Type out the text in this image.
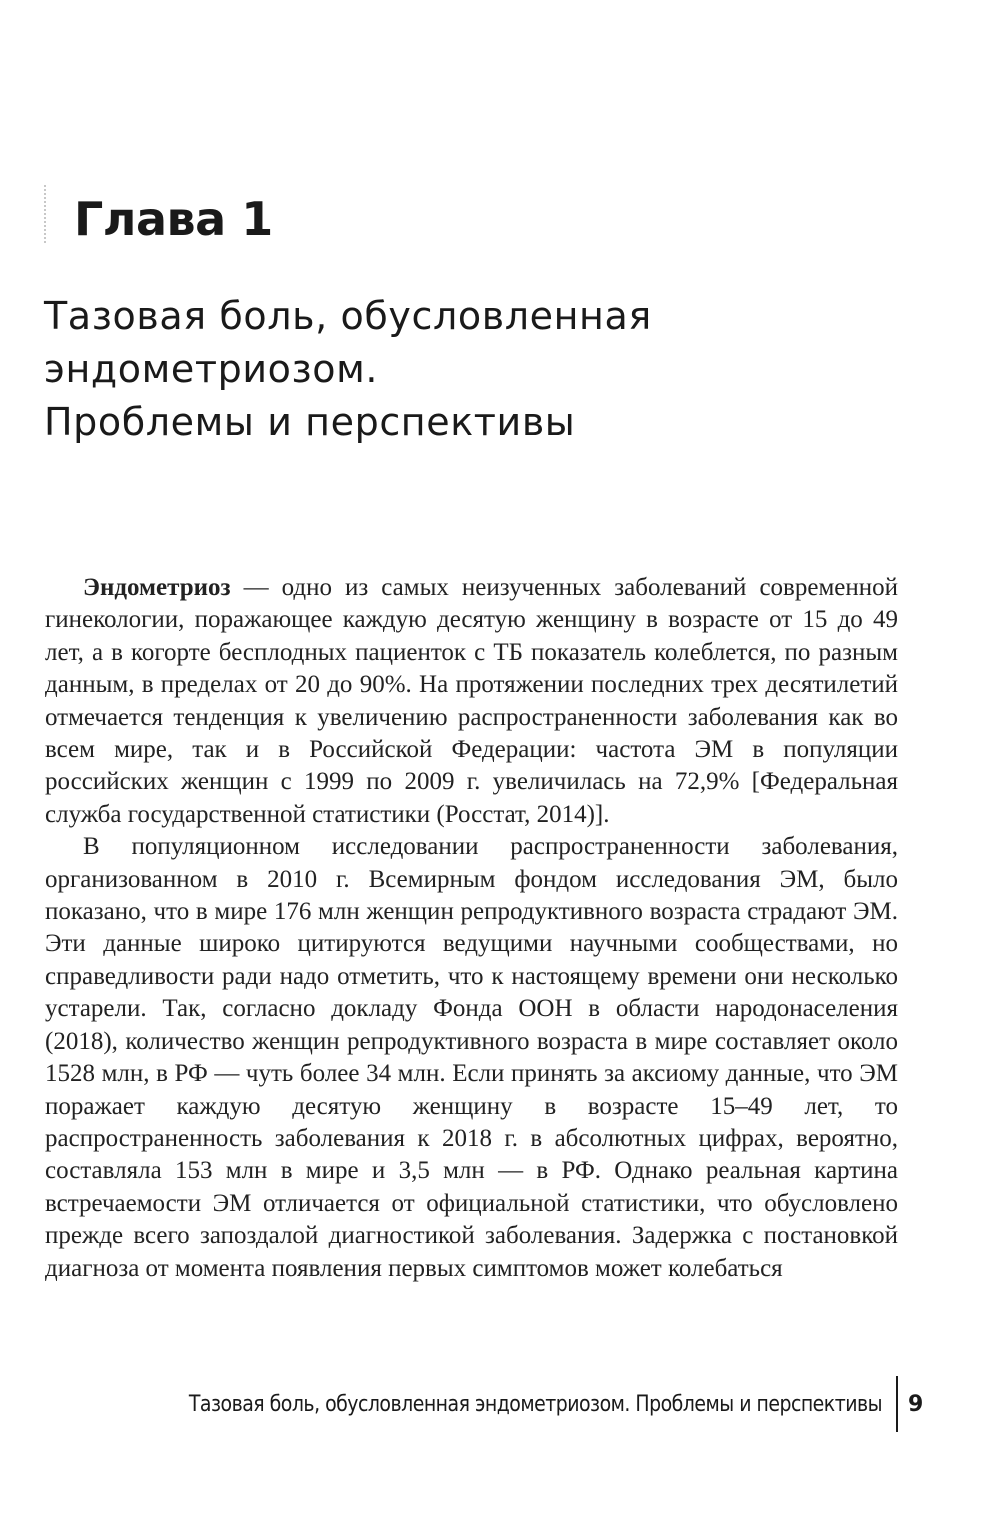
Глава 1
Тазовая боль, обусловленная
эндометриозом.
Проблемы и перспективы

Эндометриоз — одно из самых неизученных заболеваний современной гинекологии, поражающее каждую десятую женщину в возрасте от 15 до 49 лет, а в когорте бесплодных пациенток с ТБ показатель колеблется, по разным данным, в пределах от 20 до 90%. На протяжении последних трех десятилетий отмечается тенденция к увеличению распространенности заболевания как во всем мире, так и в Российской Федерации: частота ЭМ в популяции российских женщин с 1999 по 2009 г. увеличилась на 72,9% [Федеральная служба государственной статистики (Росстат, 2014)].

В популяционном исследовании распространенности заболевания, организованном в 2010 г. Всемирным фондом исследования ЭМ, было показано, что в мире 176 млн женщин репродуктивного возраста страдают ЭМ. Эти данные широко цитируются ведущими научными сообществами, но справедливости ради надо отметить, что к настоящему времени они несколько устарели. Так, согласно докладу Фонда ООН в области народонаселения (2018), количество женщин репродуктивного возраста в мире составляет около 1528 млн, в РФ — чуть более 34 млн. Если принять за аксиому данные, что ЭМ поражает каждую десятую женщину в возрасте 15–49 лет, то распространенность заболевания к 2018 г. в абсолютных цифрах, вероятно, составляла 153 млн в мире и 3,5 млн — в РФ. Однако реальная картина встречаемости ЭМ отличается от официальной статистики, что обусловлено прежде всего запоздалой диагностикой заболевания. Задержка с постановкой диагноза от момента появления первых симптомов может колебаться

Тазовая боль, обусловленная эндометриозом. Проблемы и перспективы 9
